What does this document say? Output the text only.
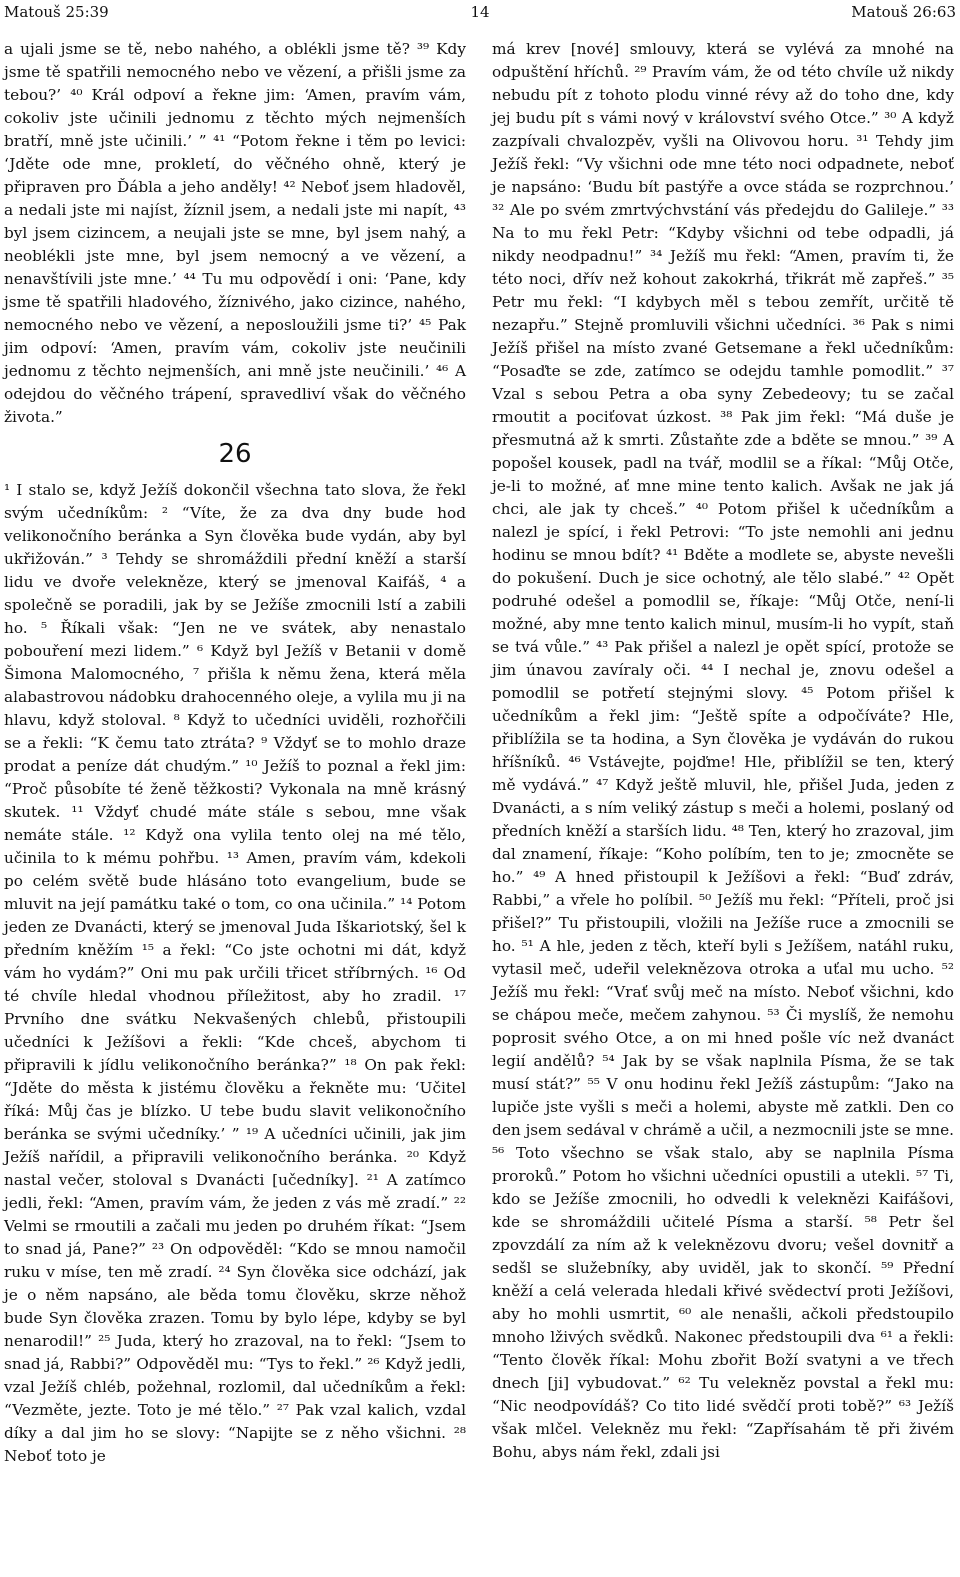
Matouš 25:39	14	Matouš 26:63

a ujali jsme se tě, nebo nahého, a oblékli jsme tě? ³⁹ Kdy jsme tě spatřili nemocného nebo ve vězení, a přišli jsme za tebou?’ ⁴⁰ Král odpoví a řekne jim: ‘Amen, pravím vám, cokoliv jste učinili jednomu z těchto mých nejmenších bratří, mně jste učinili.’ ” ⁴¹ “Potom řekne i těm po levici: ‘Jděte ode mne, prokletí, do věčného ohně, který je připraven pro Ďábla a jeho anděly! ⁴² Neboť jsem hladověl, a nedali jste mi najíst, žíznil jsem, a nedali jste mi napít, ⁴³ byl jsem cizincem, a neujali jste se mne, byl jsem nahý, a neoblékli jste mne, byl jsem nemocný a ve vězení, a nenavštívili jste mne.’ ⁴⁴ Tu mu odpovědí i oni: ‘Pane, kdy jsme tě spatřili hladového, žíznivého, jako cizince, nahého, nemocného nebo ve vězení, a neposloužili jsme ti?’ ⁴⁵ Pak jim odpoví: ‘Amen, pravím vám, cokoliv jste neučinili jednomu z těchto nejmenších, ani mně jste neučinili.’ ⁴⁶ A odejdou do věčného trápení, spravedliví však do věčného života.”

26

¹ I stalo se, když Ježíš dokončil všechna tato slova, že řekl svým učedníkům: ² “Víte, že za dva dny bude hod velikonočního beránka a Syn člověka bude vydán, aby byl ukřižován.” ³ Tehdy se shromáždili přední kněží a starší lidu ve dvoře velekněze, který se jmenoval Kaifáš, ⁴ a společně se poradili, jak by se Ježíše zmocnili lstí a zabili ho. ⁵ Říkali však: “Jen ne ve svátek, aby nenastalo pobouření mezi lidem.” ⁶ Když byl Ježíš v Betanii v domě Šimona Malomocného, ⁷ přišla k němu žena, která měla alabastrovou nádobku drahocenného oleje, a vylila mu ji na hlavu, když stoloval. ⁸ Když to učedníci uviděli, rozhořčili se a řekli: “K čemu tato ztráta? ⁹ Vždyť se to mohlo draze prodat a peníze dát chudým.” ¹⁰ Ježíš to poznal a řekl jim: “Proč působíte té ženě těžkosti? Vykonala na mně krásný skutek. ¹¹ Vždyť chudé máte stále s sebou, mne však nemáte stále. ¹² Když ona vylila tento olej na mé tělo, učinila to k mému pohřbu. ¹³ Amen, pravím vám, kdekoli po celém světě bude hlásáno toto evangelium, bude se mluvit na její památku také o tom, co ona učinila.” ¹⁴ Potom jeden ze Dvanácti, který se jmenoval Juda Iškariotský, šel k předním kněžím ¹⁵ a řekl: “Co jste ochotni mi dát, když vám ho vydám?” Oni mu pak určili třicet stříbrných. ¹⁶ Od té chvíle hledal vhodnou příležitost, aby ho zradil. ¹⁷ Prvního dne svátku Nekvašených chlebů, přistoupili učedníci k Ježíšovi a řekli: “Kde chceš, abychom ti připravili k jídlu velikonočního beránka?” ¹⁸ On pak řekl: “Jděte do města k jistému člověku a řekněte mu: ‘Učitel říká: Můj čas je blízko. U tebe budu slavit velikonočního beránka se svými učedníky.’ ” ¹⁹ A učedníci učinili, jak jim Ježíš nařídil, a připravili velikonočního beránka. ²⁰ Když nastal večer, stoloval s Dvanácti [učedníky]. ²¹ A zatímco jedli, řekl: “Amen, pravím vám, že jeden z vás mě zradí.” ²² Velmi se rmoutili a začali mu jeden po druhém říkat: “Jsem to snad já, Pane?” ²³ On odpověděl: “Kdo se mnou namočil ruku v míse, ten mě zradí. ²⁴ Syn člověka sice odchází, jak je o něm napsáno, ale běda tomu člověku, skrze něhož bude Syn člověka zrazen. Tomu by bylo lépe, kdyby se byl nenarodil!” ²⁵ Juda, který ho zrazoval, na to řekl: “Jsem to snad já, Rabbi?” Odpověděl mu: “Tys to řekl.” ²⁶ Když jedli, vzal Ježíš chléb, požehnal, rozlomil, dal učedníkům a řekl: “Vezměte, jezte. Toto je mé tělo.” ²⁷ Pak vzal kalich, vzdal díky a dal jim ho se slovy: “Napijte se z něho všichni. ²⁸ Neboť toto je

má krev [nové] smlouvy, která se vylévá za mnohé na odpuštění hříchů. ²⁹ Pravím vám, že od této chvíle už nikdy nebudu pít z tohoto plodu vinné révy až do toho dne, kdy jej budu pít s vámi nový v království svého Otce.” ³⁰ A když zazpívali chvalozpěv, vyšli na Olivovou horu. ³¹ Tehdy jim Ježíš řekl: “Vy všichni ode mne této noci odpadnete, neboť je napsáno: ‘Budu bít pastýře a ovce stáda se rozprchnou.’ ³² Ale po svém zmrtvýchvstání vás předejdu do Galileje.” ³³ Na to mu řekl Petr: “Kdyby všichni od tebe odpadli, já nikdy neodpadnu!” ³⁴ Ježíš mu řekl: “Amen, pravím ti, že této noci, dřív než kohout zakokrhá, třikrát mě zapřeš.” ³⁵ Petr mu řekl: “I kdybych měl s tebou zemřít, určitě tě nezapřu.” Stejně promluvili všichni učedníci. ³⁶ Pak s nimi Ježíš přišel na místo zvané Getsemane a řekl učedníkům: “Posaďte se zde, zatímco se odejdu tamhle pomodlit.” ³⁷ Vzal s sebou Petra a oba syny Zebedeovy; tu se začal rmoutit a pociťovat úzkost. ³⁸ Pak jim řekl: “Má duše je přesmutná až k smrti. Zůstaňte zde a bděte se mnou.” ³⁹ A popošel kousek, padl na tvář, modlil se a říkal: “Můj Otče, je-li to možné, ať mne mine tento kalich. Avšak ne jak já chci, ale jak ty chceš.” ⁴⁰ Potom přišel k učedníkům a nalezl je spící, i řekl Petrovi: “To jste nemohli ani jednu hodinu se mnou bdít? ⁴¹ Bděte a modlete se, abyste nevešli do pokušení. Duch je sice ochotný, ale tělo slabé.” ⁴² Opět podruhé odešel a pomodlil se, říkaje: “Můj Otče, není-li možné, aby mne tento kalich minul, musím-li ho vypít, staň se tvá vůle.” ⁴³ Pak přišel a nalezl je opět spící, protože se jim únavou zavíraly oči. ⁴⁴ I nechal je, znovu odešel a pomodlil se potřetí stejnými slovy. ⁴⁵ Potom přišel k učedníkům a řekl jim: “Ještě spíte a odpočíváte? Hle, přiblížila se ta hodina, a Syn člověka je vydáván do rukou hříšníků. ⁴⁶ Vstávejte, pojďme! Hle, přiblížil se ten, který mě vydává.” ⁴⁷ Když ještě mluvil, hle, přišel Juda, jeden z Dvanácti, a s ním veliký zástup s meči a holemi, poslaný od předních kněží a starších lidu. ⁴⁸ Ten, který ho zrazoval, jim dal znamení, říkaje: “Koho políbím, ten to je; zmocněte se ho.” ⁴⁹ A hned přistoupil k Ježíšovi a řekl: “Buď zdráv, Rabbi,” a vřele ho políbil. ⁵⁰ Ježíš mu řekl: “Příteli, proč jsi přišel?” Tu přistoupili, vložili na Ježíše ruce a zmocnili se ho. ⁵¹ A hle, jeden z těch, kteří byli s Ježíšem, natáhl ruku, vytasil meč, udeřil veleknězova otroka a uťal mu ucho. ⁵² Ježíš mu řekl: “Vrať svůj meč na místo. Neboť všichni, kdo se chápou meče, mečem zahynou. ⁵³ Či myslíš, že nemohu poprosit svého Otce, a on mi hned pošle víc než dvanáct legií andělů? ⁵⁴ Jak by se však naplnila Písma, že se tak musí stát?” ⁵⁵ V onu hodinu řekl Ježíš zástupům: “Jako na lupiče jste vyšli s meči a holemi, abyste mě zatkli. Den co den jsem sedával v chrámě a učil, a nezmocnili jste se mne. ⁵⁶ Toto všechno se však stalo, aby se naplnila Písma proroků.” Potom ho všichni učedníci opustili a utekli. ⁵⁷ Ti, kdo se Ježíše zmocnili, ho odvedli k veleknězi Kaifášovi, kde se shromáždili učitelé Písma a starší. ⁵⁸ Petr šel zpovzdálí za ním až k veleknězovu dvoru; vešel dovnitř a sedšl se služebníky, aby uviděl, jak to skončí. ⁵⁹ Přední kněží a celá velerada hledali křivé svědectví proti Ježíšovi, aby ho mohli usmrtit, ⁶⁰ ale nenašli, ačkoli předstoupilo mnoho lživých svědků. Nakonec předstoupili dva ⁶¹ a řekli: “Tento člověk říkal: Mohu zbořit Boží svatyni a ve třech dnech [ji] vybudovat.” ⁶² Tu velekněz povstal a řekl mu: “Nic neodpovídáš? Co tito lidé svědčí proti tobě?” ⁶³ Ježíš však mlčel. Velekněz mu řekl: “Zapřísahám tě při živém Bohu, abys nám řekl, zdali jsi
